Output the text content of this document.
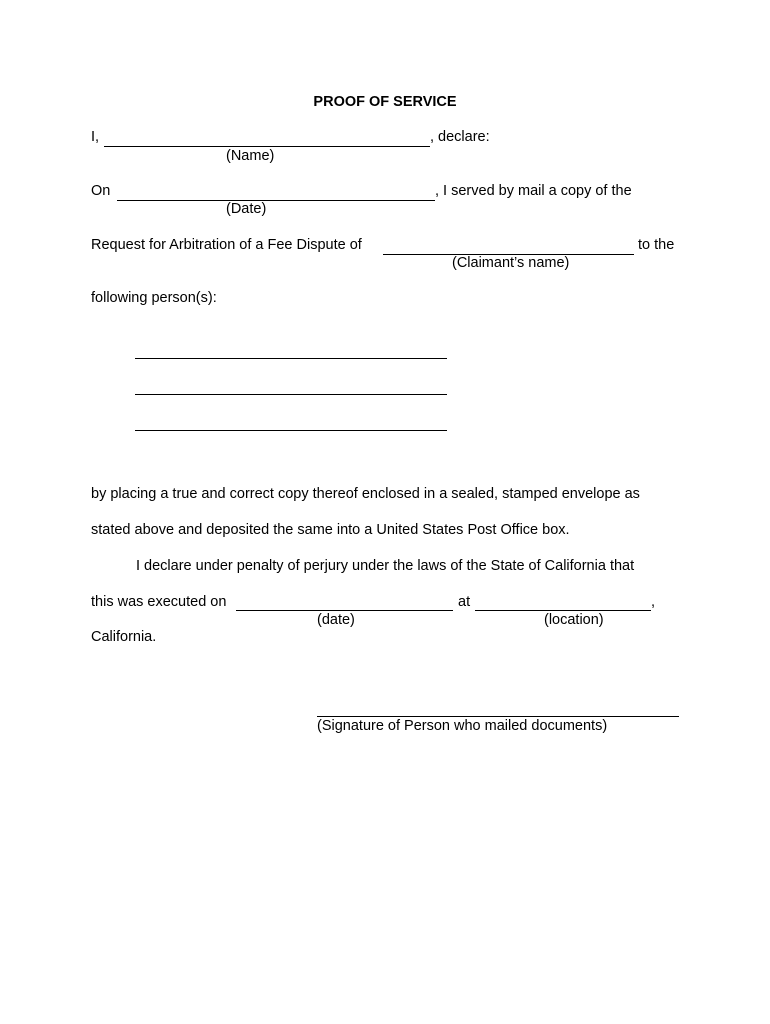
PROOF OF SERVICE
I,	, declare:
(Name)
On	, I served by mail a copy of the
(Date)
Request for Arbitration of a Fee Dispute of	to the
(Claimant’s name)
following person(s):
by placing a true and correct copy thereof enclosed in a sealed, stamped envelope as
stated above and deposited the same into a United States Post Office box.
I declare under penalty of perjury under the laws of the State of California that
this was executed on	at	,
(date)	(location)
California.
(Signature of Person who mailed documents)
